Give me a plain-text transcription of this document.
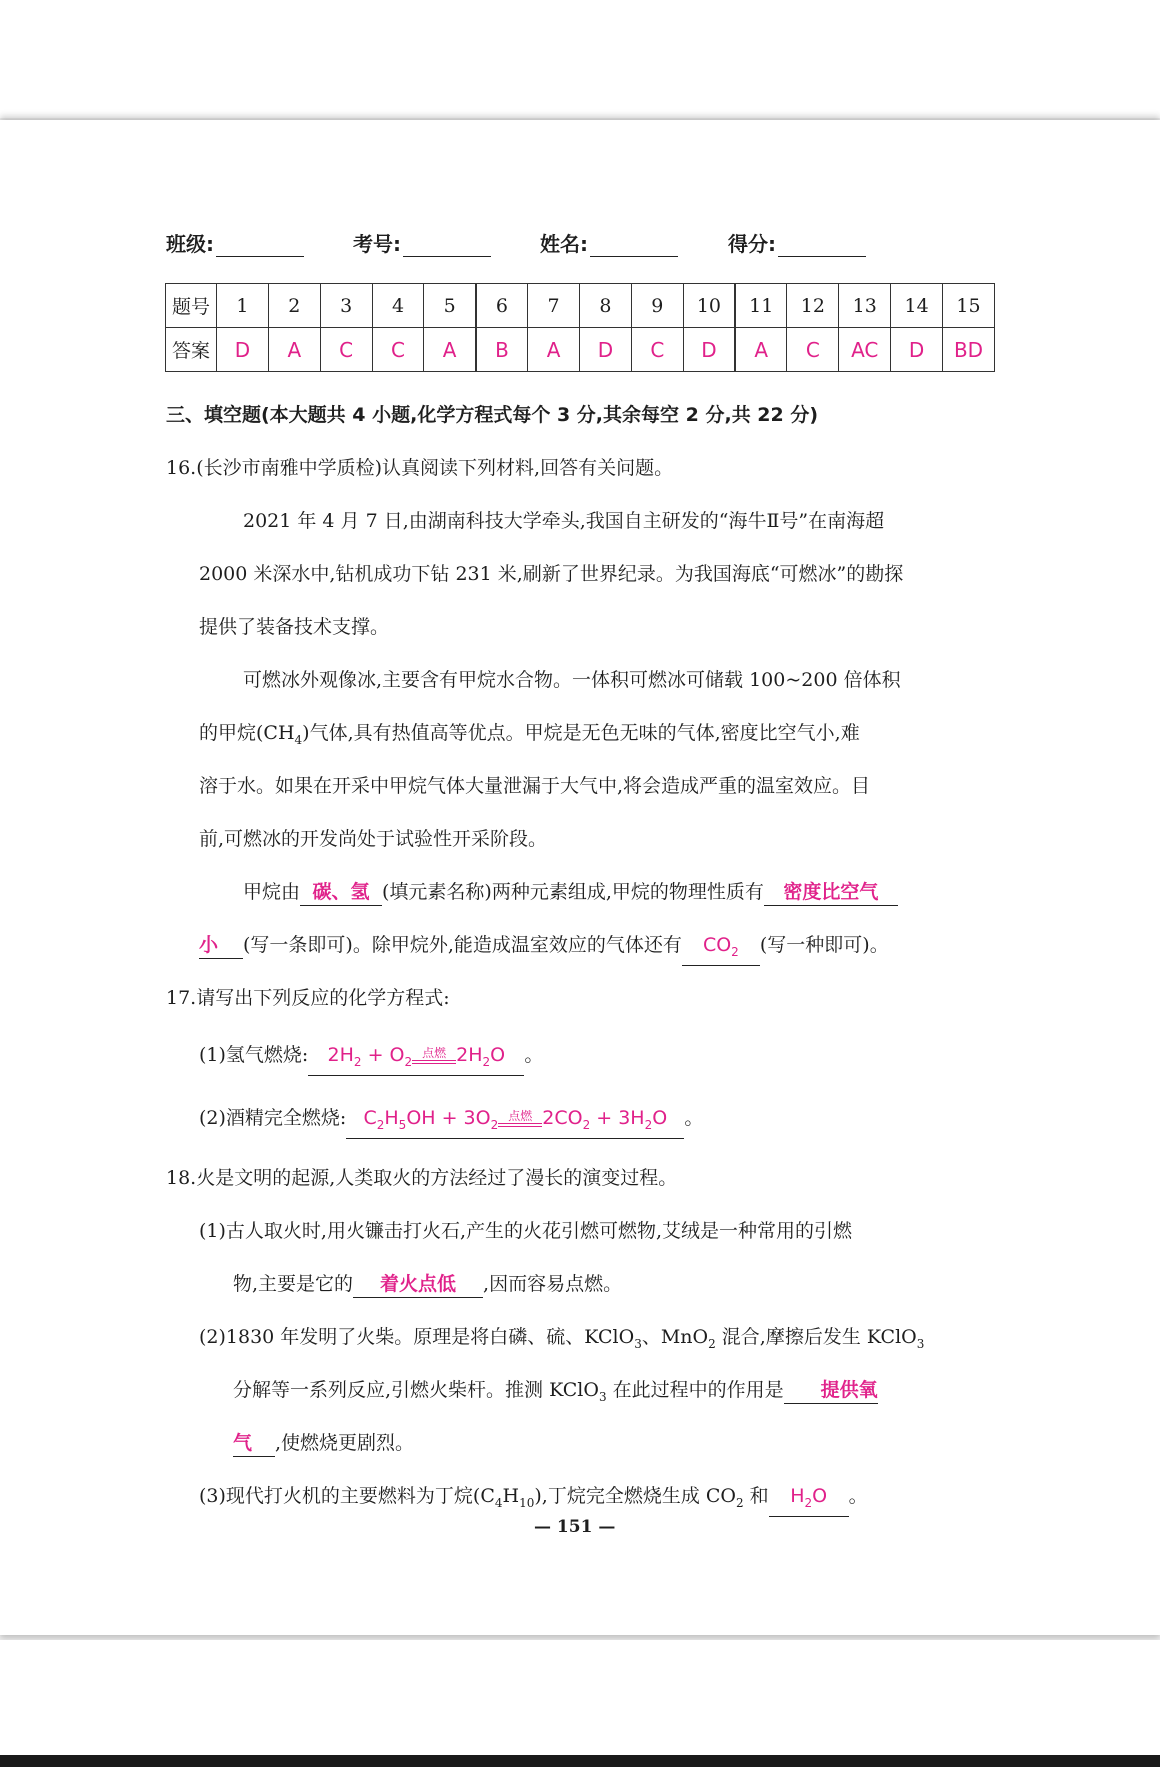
班级:	考号:	姓名:	得分:
题号	1	2	3	4	5	6	7	8	9	10	11	12	13	14	15
答案	D	A	C	C	A	B	A	D	C	D	A	C	AC	D	BD
三、填空题(本大题共 4 小题,化学方程式每个 3 分,其余每空 2 分,共 22 分)
16.(长沙市南雅中学质检)认真阅读下列材料,回答有关问题。
2021 年 4 月 7 日,由湖南科技大学牵头,我国自主研发的“海牛Ⅱ号”在南海超
2000 米深水中,钻机成功下钻 231 米,刷新了世界纪录。为我国海底“可燃冰”的勘探
提供了装备技术支撑。
可燃冰外观像冰,主要含有甲烷水合物。一体积可燃冰可储载 100~200 倍体积
的甲烷$(CH_4)$气体,具有热值高等优点。甲烷是无色无味的气体,密度比空气小,难
溶于水。如果在开采中甲烷气体大量泄漏于大气中,将会造成严重的温室效应。目
前,可燃冰的开发尚处于试验性开采阶段。
甲烷由 碳、氢 (填元素名称)两种元素组成,甲烷的物理性质有 密度比空气
小 (写一条即可)。除甲烷外,能造成温室效应的气体还有 $CO_2$ (写一种即可)。
17.请写出下列反应的化学方程式:
(1)氢气燃烧: $2H_2 + O_2$
点燃 $2H_2O$ 。
(2)酒精完全燃烧: $C_2H_5OH + 3O_2$
点燃 $2CO_2 + 3H_2O$ 。
18.火是文明的起源,人类取火的方法经过了漫长的演变过程。
(1)古人取火时,用火镰击打火石,产生的火花引燃可燃物,艾绒是一种常用的引燃
物,主要是它的 着火点低 ,因而容易点燃。
(2)1830 年发明了火柴。原理是将白磷、硫、KClO$_3$、MnO$_2$ 混合,摩擦后发生 KClO$_3$
分解等一系列反应,引燃火柴杆。推测 KClO$_3$ 在此过程中的作用是 提供氧
气 ,使燃烧更剧烈。
(3)现代打火机的主要燃料为丁烷$(C_4H_{10})$,丁烷完全燃烧生成 $CO_2$ 和 $H_2O$ 。
— 151 —
